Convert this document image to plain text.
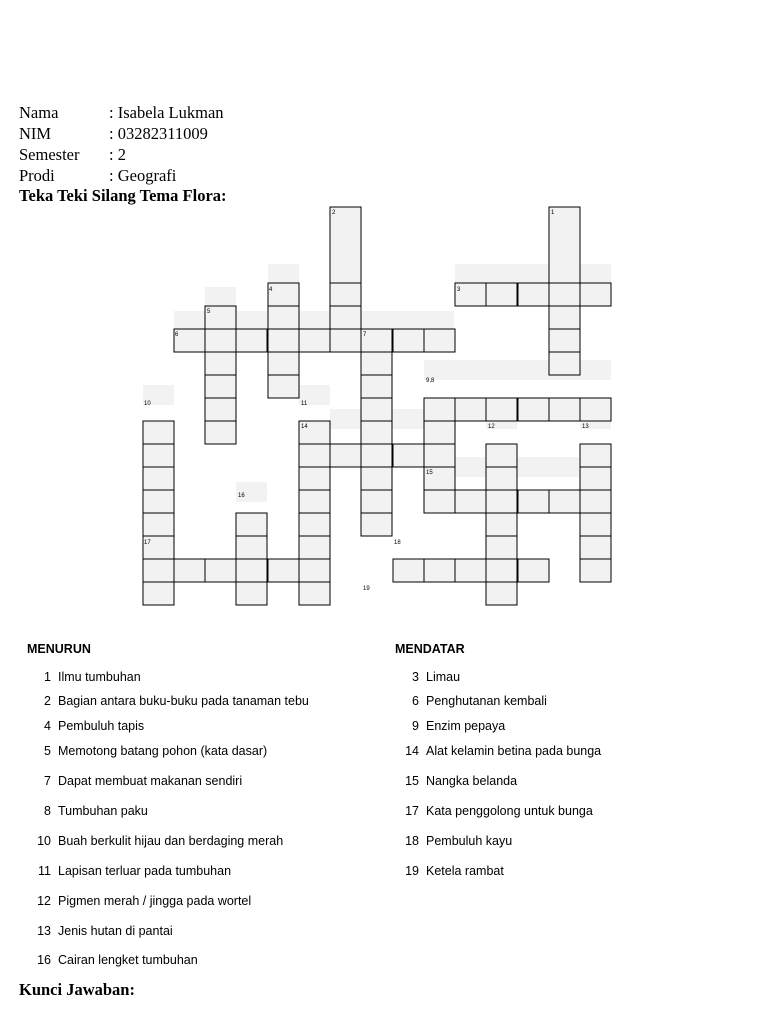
Nama	: Isabela Lukman
NIM	: 03282311009
Semester : 2
Prodi	: Geografi
Teka Teki Silang Tema Flora:
1
2
3
4
5
6	7
9,8
10	11
12	13
14
15
16
17	18
19
MENURUN
1 Ilmu tumbuhan
2 Bagian antara buku-buku pada tanaman tebu
4 Pembuluh tapis
5 Memotong batang pohon (kata dasar)
7 Dapat membuat makanan sendiri
8 Tumbuhan paku
10 Buah berkulit hijau dan berdaging merah
11 Lapisan terluar pada tumbuhan
12 Pigmen merah / jingga pada wortel
13 Jenis hutan di pantai
16 Cairan lengket tumbuhan
MENDATAR
3 Limau
6 Penghutanan kembali
9 Enzim pepaya
14 Alat kelamin betina pada bunga
15 Nangka belanda
17 Kata penggolong untuk bunga
18 Pembuluh kayu
19 Ketela rambat
Kunci Jawaban:
